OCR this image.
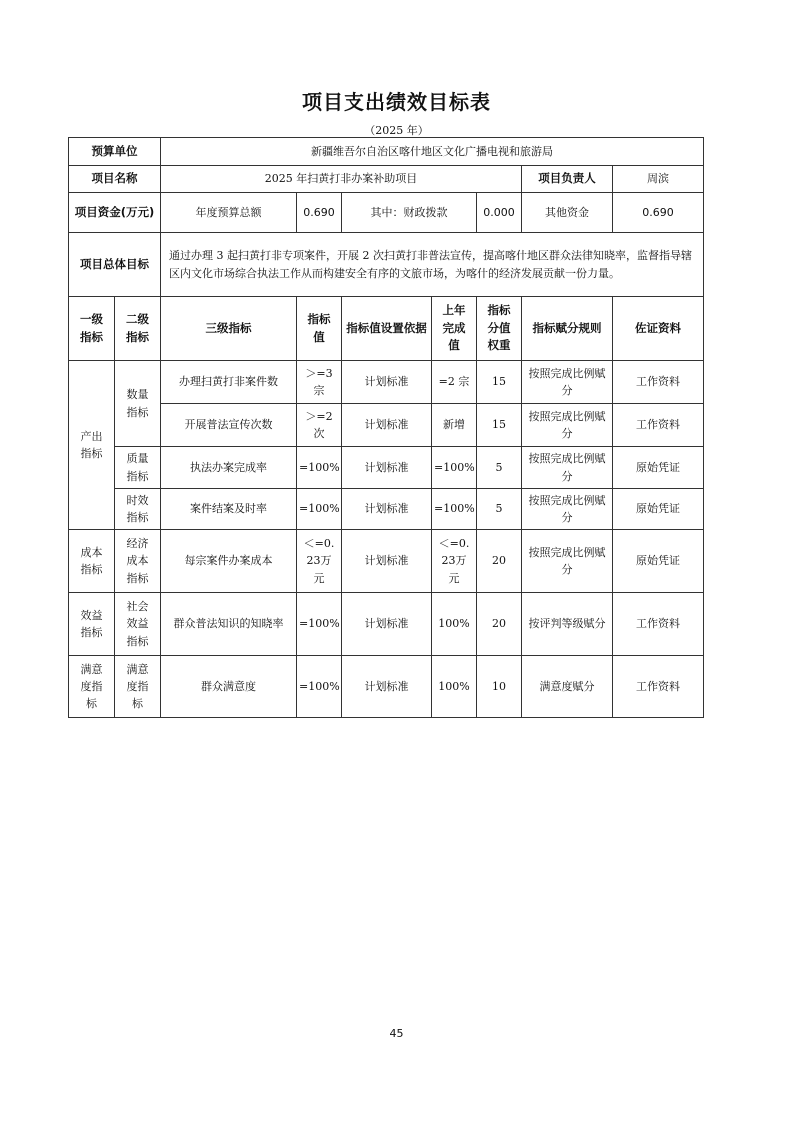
项目支出绩效目标表
（2025 年）
预算单位		新疆维吾尔自治区喀什地区文化广播电视和旅游局						
项目名称		2025 年扫黄打非办案补助项目					项目负责人	周滨
项目资金(万元)		年度预算总额	0.690	其中：财政拨款		0.000	其他资金	0.690
项目总体目标		通过办理 3 起扫黄打非专项案件，开展 2 次扫黄打非普法宣传，提高喀什地区群众法律知晓率，监督指导辖区内文化市场综合执法工作从而构建安全有序的文旅市场，为喀什的经济发展贡献一份力量。						

一级指标	二级指标	三级指标	指标值	指标值设置依据	上年完成值	指标分值权重	指标赋分规则	佐证资料

产出指标	数量指标	办理扫黄打非案件数	＞=3宗	计划标准	=2 宗	15	按照完成比例赋分	工作资料
		开展普法宣传次数	＞=2次	计划标准	新增	15	按照完成比例赋分	工作资料

	质量指标	执法办案完成率	=100%	计划标准	=100%	5	按照完成比例赋分	原始凭证

	时效指标	案件结案及时率	=100%	计划标准	=100%	5	按照完成比例赋分	原始凭证

成本指标	经济成本指标	每宗案件办案成本	＜=0.23万元	计划标准	＜=0.23万元	20	按照完成比例赋分	原始凭证

效益指标	社会效益指标	群众普法知识的知晓率	=100%	计划标准	100%	20	按评判等级赋分	工作资料

满意度指标	满意度指标	群众满意度	=100%	计划标准	100%	10	满意度赋分	工作资料
45
